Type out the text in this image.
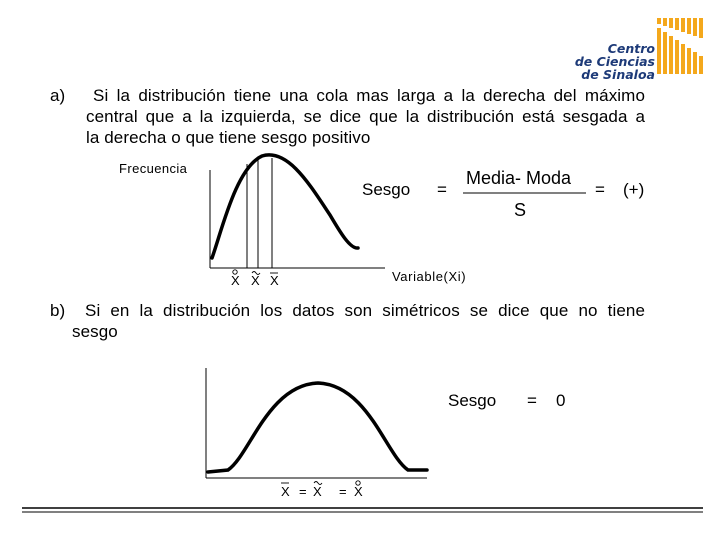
Centro
de Ciencias
de Sinaloa
a) Si la distribución tiene una cola mas larga a la derecha del máximo
central que a la izquierda, se dice que la distribución está sesgada a
la derecha o que tiene sesgo positivo
Frecuencia
X X X	Variable(Xi)
Sesgo =
Media- Moda
S
= (+)
b) Si en la distribución los datos son simétricos se dice que no tiene
sesgo
Sesgo = 0
X = X = X
